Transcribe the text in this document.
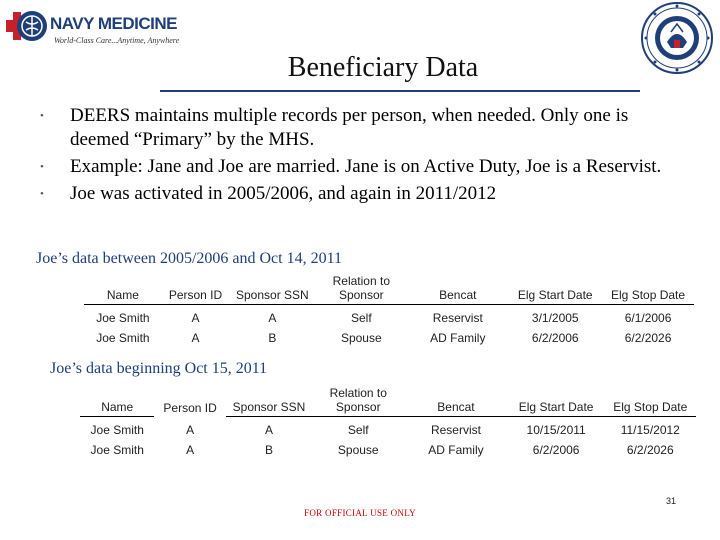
NAVY MEDICINE
World-Class Care...Anytime, Anywhere
Beneficiary Data
• DEERS maintains multiple records per person, when needed. Only one is deemed “Primary” by the MHS.
• Example: Jane and Joe are married. Jane is on Active Duty, Joe is a Reservist.
• Joe was activated in 2005/2006, and again in 2011/2012
Joe’s data between 2005/2006 and Oct 14, 2011
Name	Person ID	Sponsor SSN	Relation to Sponsor	Bencat	Elg Start Date	Elg Stop Date
Joe Smith	A	A	Self	Reservist	3/1/2005	6/1/2006
Joe Smith	A	B	Spouse	AD Family	6/2/2006	6/2/2026
Joe’s data beginning Oct 15, 2011
Name	Person ID	Sponsor SSN	Relation to Sponsor	Bencat	Elg Start Date	Elg Stop Date
Joe Smith	A	A	Self	Reservist	10/15/2011	11/15/2012
Joe Smith	A	B	Spouse	AD Family	6/2/2006	6/2/2026
31
FOR OFFICIAL USE ONLY
